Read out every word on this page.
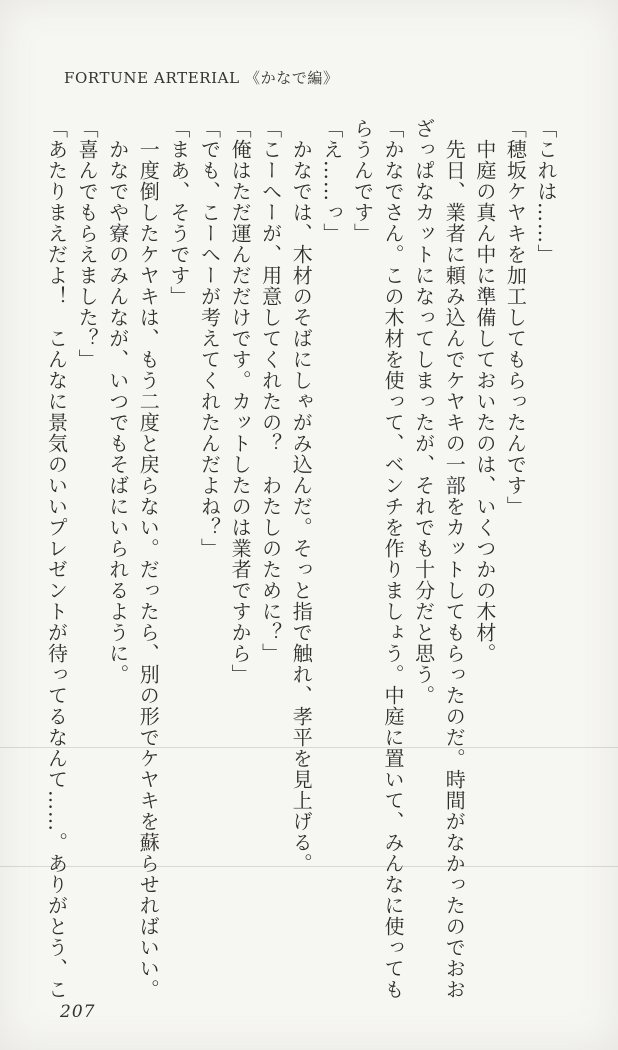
FORTUNE ARTERIAL 《かなで編》
「これは……」
「穂坂ケヤキを加工してもらったんです」
中庭の真ん中に準備しておいたのは、いくつかの木材。
先日、業者に頼み込んでケヤキの一部をカットしてもらったのだ。時間がなかったのでおお
ざっぱなカットになってしまったが、それでも十分だと思う。
「かなでさん。この木材を使って、ベンチを作りましょう。中庭に置いて、みんなに使っても
らうんです」
「え……っ」
かなでは、木材のそばにしゃがみ込んだ。そっと指で触れ、孝平を見上げる。
「こーへーが、用意してくれたの？　わたしのために？」
「俺はただ運んだだけです。カットしたのは業者ですから」
「でも、こーへーが考えてくれたんだよね？」
「まあ、そうです」
一度倒したケヤキは、もう二度と戻らない。だったら、別の形でケヤキを蘇らせればいい。
かなでや寮のみんなが、いつでもそばにいられるように。
「喜んでもらえました？」
「あたりまえだよ！　こんなに景気のいいプレゼントが待ってるなんて……。ありがとう、こ
207
